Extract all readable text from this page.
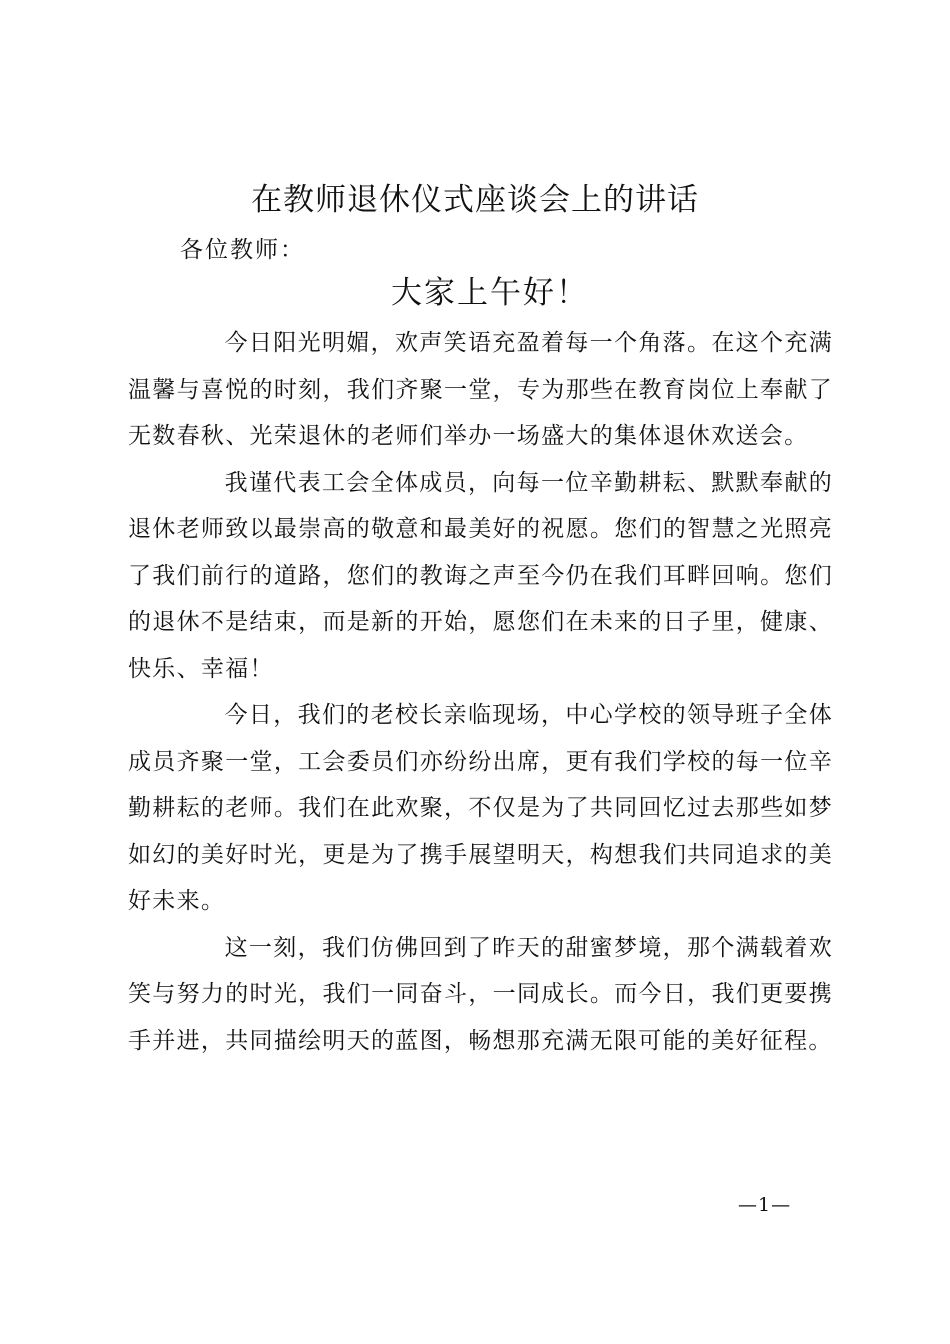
在教师退休仪式座谈会上的讲话
各位教师：
大家上午好！

今日阳光明媚，欢声笑语充盈着每一个角落。在这个充满温馨与喜悦的时刻，我们齐聚一堂，专为那些在教育岗位上奉献了无数春秋、光荣退休的老师们举办一场盛大的集体退休欢送会。

我谨代表工会全体成员，向每一位辛勤耕耘、默默奉献的退休老师致以最崇高的敬意和最美好的祝愿。您们的智慧之光照亮了我们前行的道路，您们的教诲之声至今仍在我们耳畔回响。您们的退休不是结束，而是新的开始，愿您们在未来的日子里，健康、快乐、幸福！

今日，我们的老校长亲临现场，中心学校的领导班子全体成员齐聚一堂，工会委员们亦纷纷出席，更有我们学校的每一位辛勤耕耘的老师。我们在此欢聚，不仅是为了共同回忆过去那些如梦如幻的美好时光，更是为了携手展望明天，构想我们共同追求的美好未来。

这一刻，我们仿佛回到了昨天的甜蜜梦境，那个满载着欢笑与努力的时光，我们一同奋斗，一同成长。而今日，我们更要携手并进，共同描绘明天的蓝图，畅想那充满无限可能的美好征程。

—1—
